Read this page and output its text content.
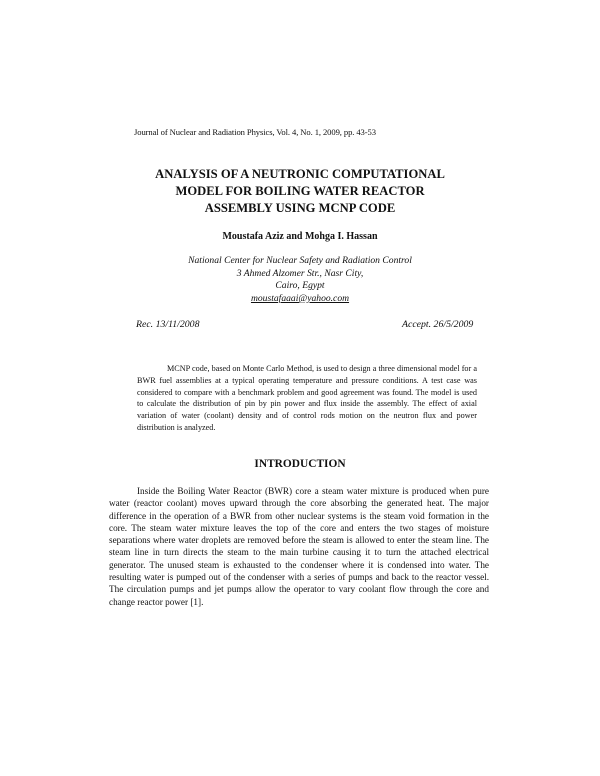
Journal of Nuclear and Radiation Physics, Vol. 4, No. 1, 2009, pp. 43-53
ANALYSIS OF A NEUTRONIC COMPUTATIONAL
MODEL FOR BOILING WATER REACTOR
ASSEMBLY USING MCNP CODE
Moustafa Aziz and Mohga I. Hassan
National Center for Nuclear Safety and Radiation Control
3 Ahmed Alzomer Str., Nasr City,
Cairo, Egypt
moustafaaai@yahoo.com
Rec. 13/11/2008	Accept. 26/5/2009

MCNP code, based on Monte Carlo Method, is used to design a three dimensional model for a BWR fuel assemblies at a typical operating temperature and pressure conditions. A test case was considered to compare with a benchmark problem and good agreement was found. The model is used to calculate the distribution of pin by pin power and flux inside the assembly. The effect of axial variation of water (coolant) density and of control rods motion on the neutron flux and power distribution is analyzed.

INTRODUCTION

Inside the Boiling Water Reactor (BWR) core a steam water mixture is produced when pure water (reactor coolant) moves upward through the core absorbing the generated heat. The major difference in the operation of a BWR from other nuclear systems is the steam void formation in the core. The steam water mixture leaves the top of the core and enters the two stages of moisture separations where water droplets are removed before the steam is allowed to enter the steam line. The steam line in turn directs the steam to the main turbine causing it to turn the attached electrical generator. The unused steam is exhausted to the condenser where it is condensed into water. The resulting water is pumped out of the condenser with a series of pumps and back to the reactor vessel. The circulation pumps and jet pumps allow the operator to vary coolant flow through the core and change reactor power [1].
